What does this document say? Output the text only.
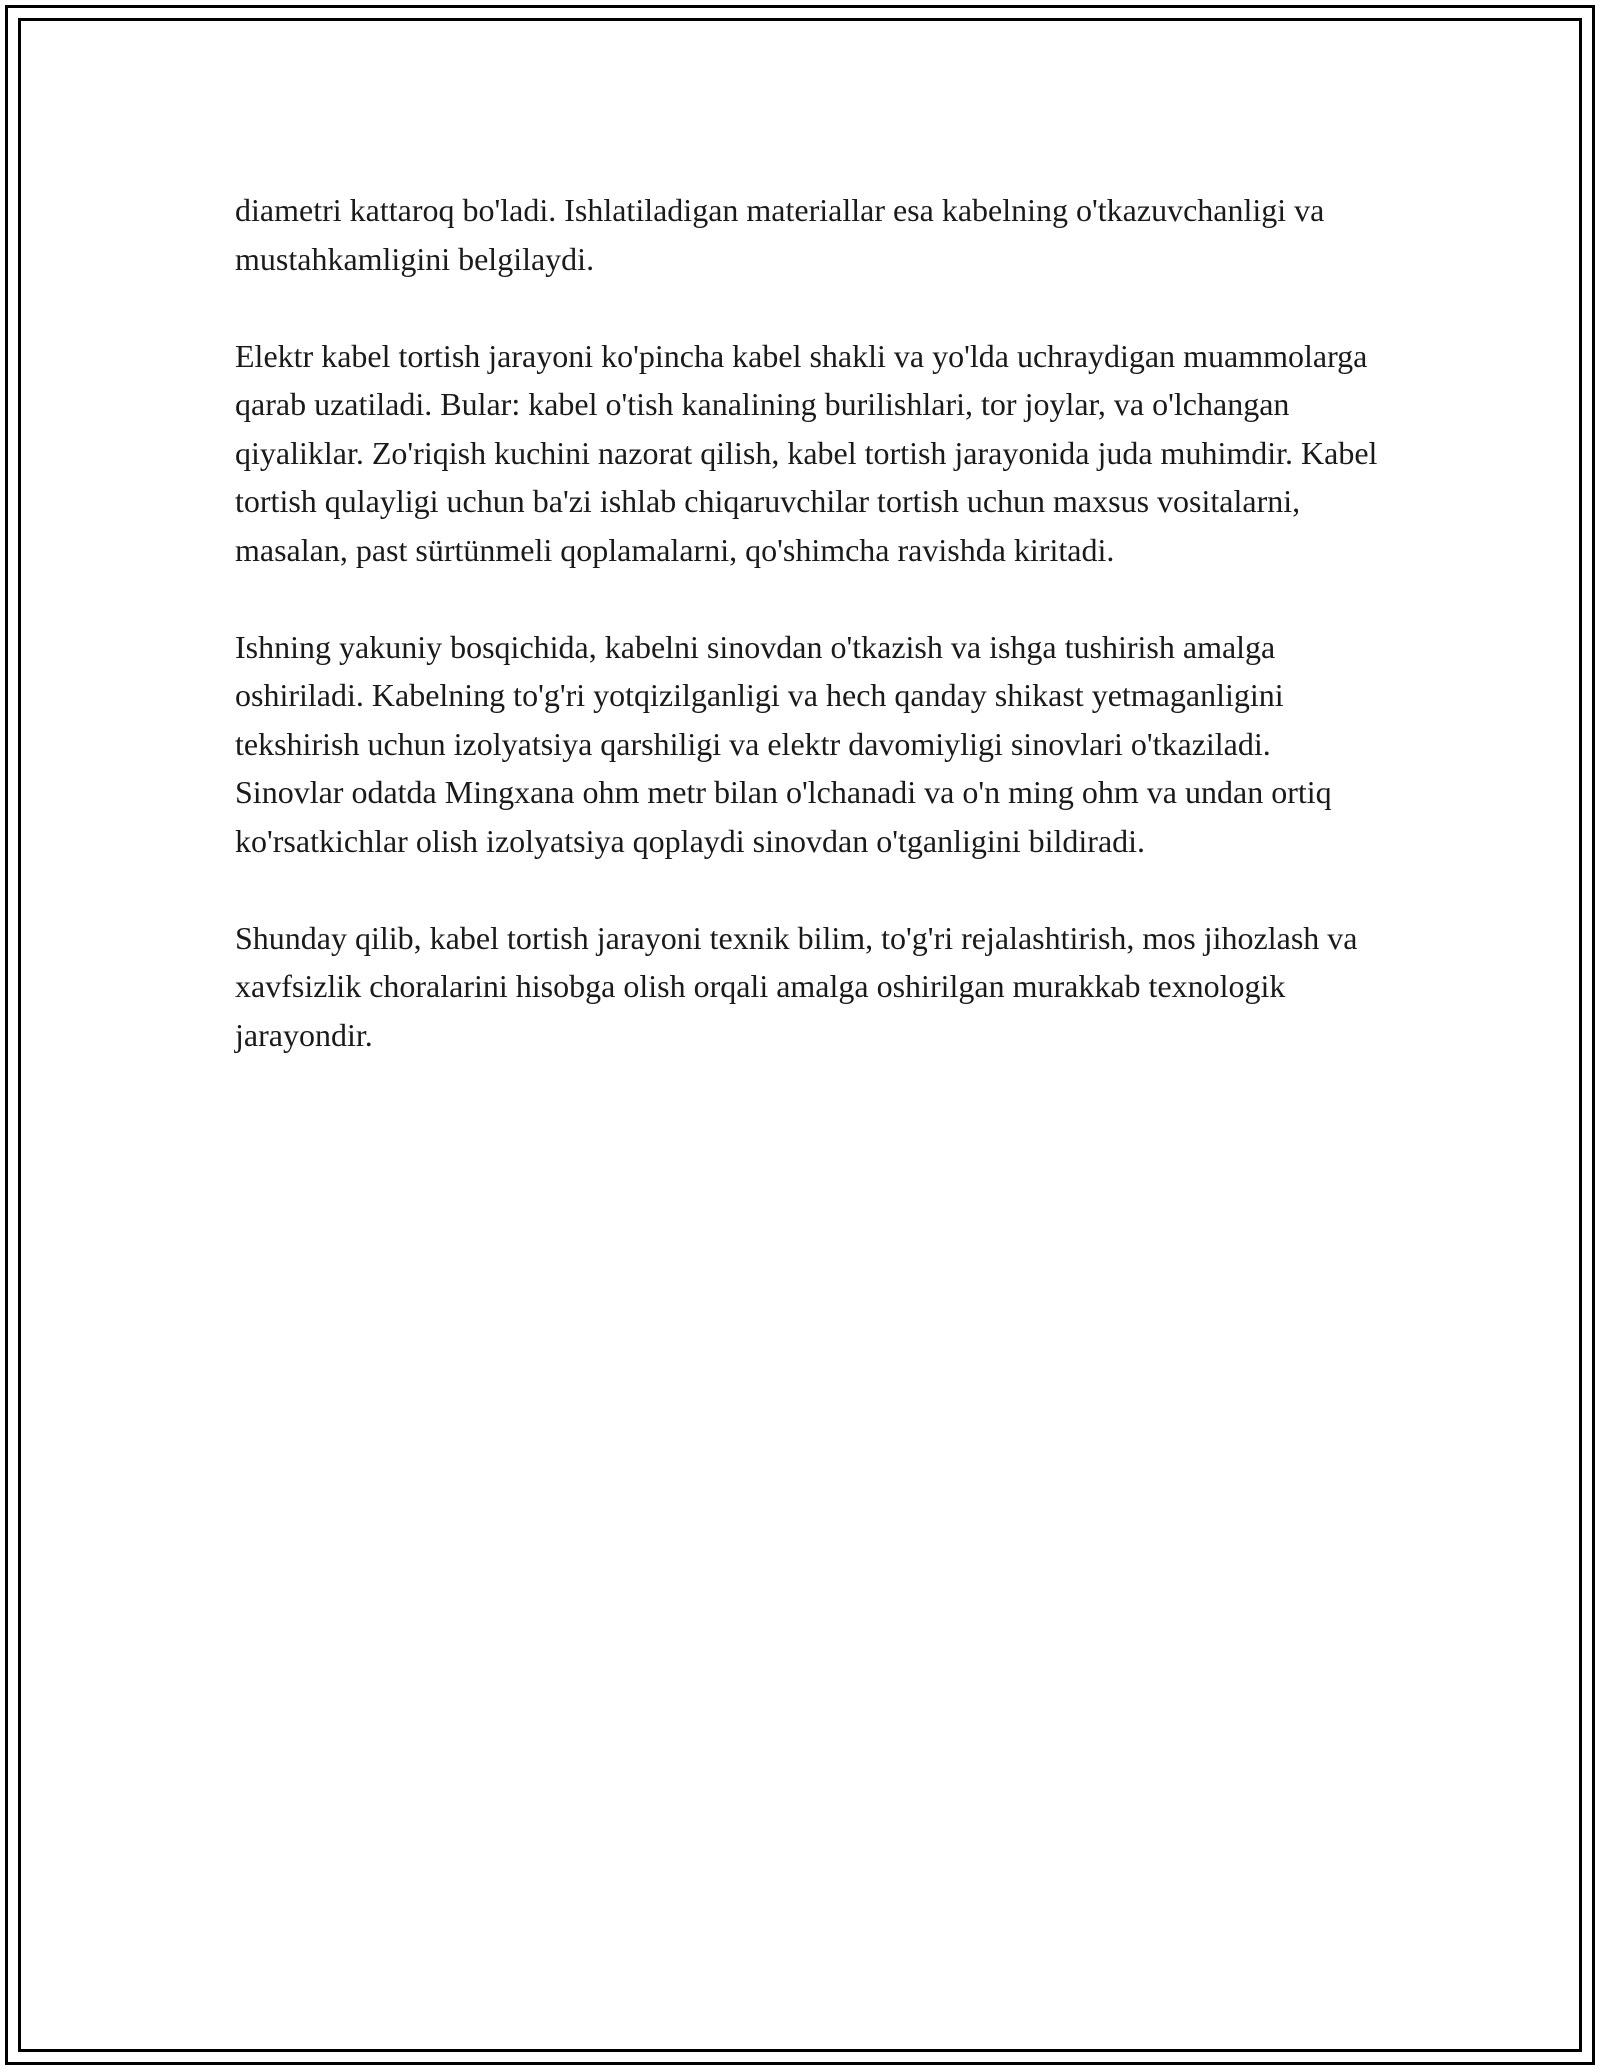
diametri kattaroq bo'ladi. Ishlatiladigan materiallar esa kabelning o'tkazuvchanligi va mustahkamligini belgilaydi.

Elektr kabel tortish jarayoni ko'pincha kabel shakli va yo'lda uchraydigan muammolarga qarab uzatiladi. Bular: kabel o'tish kanalining burilishlari, tor joylar, va o'lchangan qiyaliklar. Zo'riqish kuchini nazorat qilish, kabel tortish jarayonida juda muhimdir. Kabel tortish qulayligi uchun ba'zi ishlab chiqaruvchilar tortish uchun maxsus vositalarni, masalan, past sürtünmeli qoplamalarni, qo'shimcha ravishda kiritadi.

Ishning yakuniy bosqichida, kabelni sinovdan o'tkazish va ishga tushirish amalga oshiriladi. Kabelning to'g'ri yotqizilganligi va hech qanday shikast yetmaganligini tekshirish uchun izolyatsiya qarshiligi va elektr davomiyligi sinovlari o'tkaziladi. Sinovlar odatda Mingxana ohm metr bilan o'lchanadi va o'n ming ohm va undan ortiq ko'rsatkichlar olish izolyatsiya qoplaydi sinovdan o'tganligini bildiradi.

Shunday qilib, kabel tortish jarayoni texnik bilim, to'g'ri rejalashtirish, mos jihozlash va xavfsizlik choralarini hisobga olish orqali amalga oshirilgan murakkab texnologik jarayondir.
